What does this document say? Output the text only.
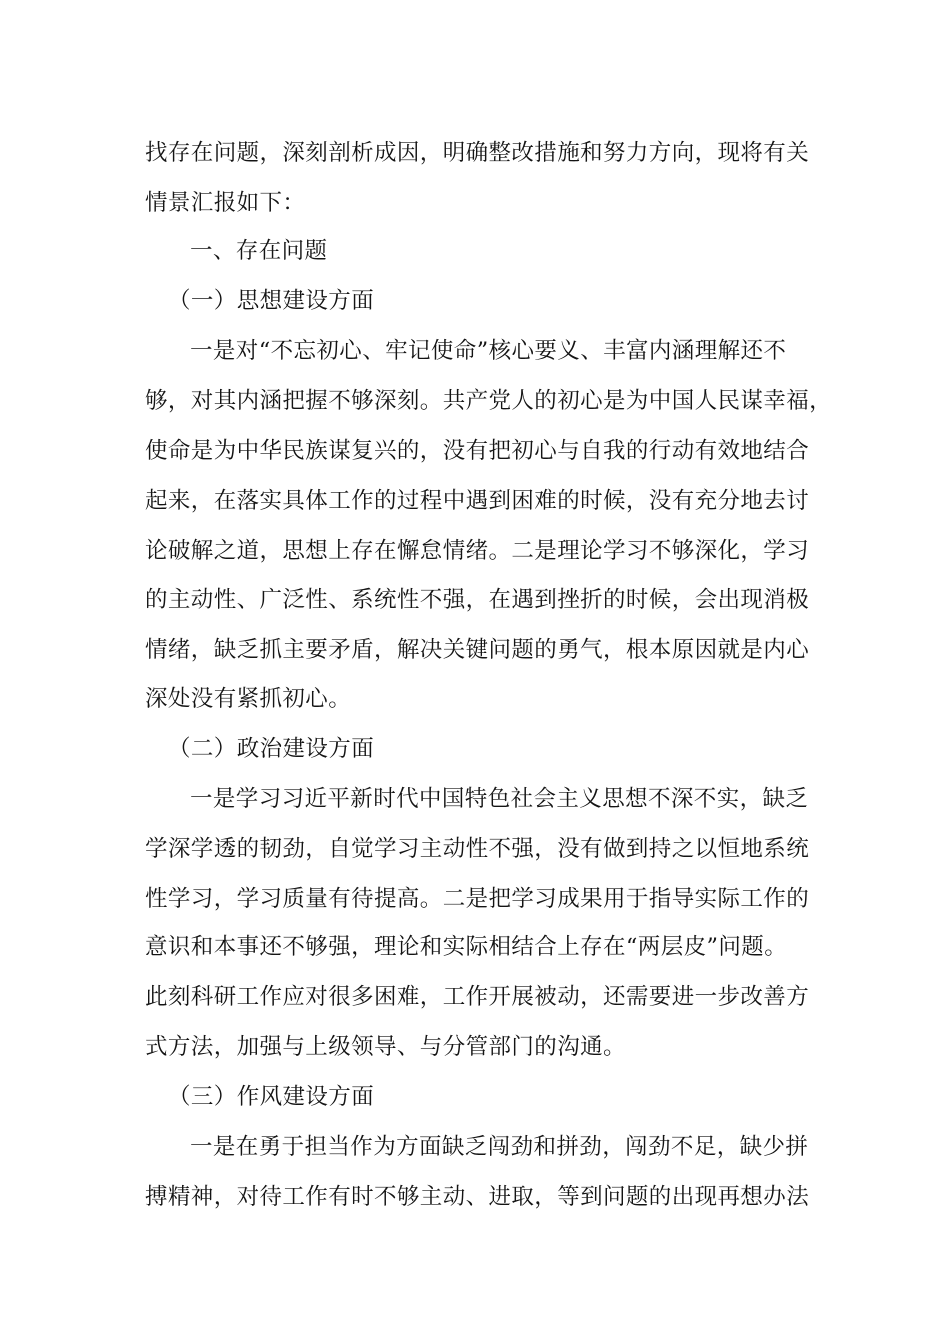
找存在问题，深刻剖析成因，明确整改措施和努力方向，现将有关
情景汇报如下：
一、存在问题
（一）思想建设方面
一是对“不忘初心、牢记使命”核心要义、丰富内涵理解还不
够，对其内涵把握不够深刻。共产党人的初心是为中国人民谋幸福，
使命是为中华民族谋复兴的，没有把初心与自我的行动有效地结合
起来，在落实具体工作的过程中遇到困难的时候，没有充分地去讨
论破解之道，思想上存在懈怠情绪。二是理论学习不够深化，学习
的主动性、广泛性、系统性不强，在遇到挫折的时候，会出现消极
情绪，缺乏抓主要矛盾，解决关键问题的勇气，根本原因就是内心
深处没有紧抓初心。
（二）政治建设方面
一是学习习近平新时代中国特色社会主义思想不深不实，缺乏
学深学透的韧劲，自觉学习主动性不强，没有做到持之以恒地系统
性学习，学习质量有待提高。二是把学习成果用于指导实际工作的
意识和本事还不够强，理论和实际相结合上存在“两层皮”问题。
此刻科研工作应对很多困难，工作开展被动，还需要进一步改善方
式方法，加强与上级领导、与分管部门的沟通。
（三）作风建设方面
一是在勇于担当作为方面缺乏闯劲和拼劲，闯劲不足，缺少拼
搏精神，对待工作有时不够主动、进取，等到问题的出现再想办法
